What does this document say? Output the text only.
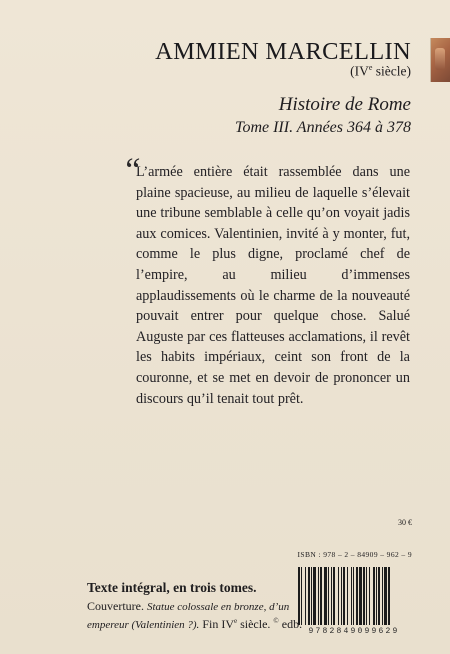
AMMIEN MARCELLIN
(IVe siècle)
Histoire de Rome
Tome III. Années 364 à 378
“
L’armée entière était rassemblée dans une plaine spacieuse, au milieu de laquelle s’élevait une tribune semblable à celle qu’on voyait jadis aux comices. Valentinien, invité à y monter, fut, comme le plus digne, proclamé chef de l’empire, au milieu d’immenses applaudissements où le charme de la nouveauté pouvait entrer pour quelque chose. Salué Auguste par ces flatteuses acclamations, il revêt les habits impériaux, ceint son front de la couronne, et se met en devoir de prononcer un discours qu’il tenait tout prêt.
30 €
ISBN : 978 – 2 – 84909 – 962 – 9
9782849099629
Texte intégral, en trois tomes.
Couverture. Statue colossale en bronze, d’un
empereur (Valentinien ?). Fin IVe siècle. © edb.
